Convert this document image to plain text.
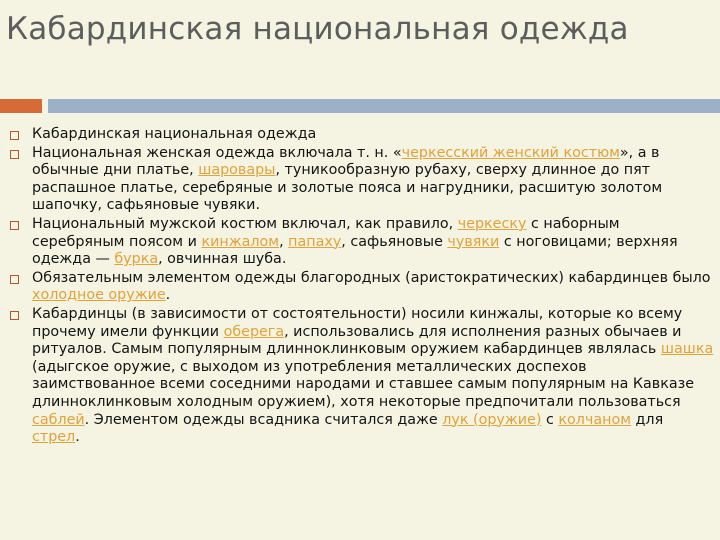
Кабардинская национальная одежда
Кабардинская национальная одежда
Национальная женская одежда включала т. н. «черкесский женский костюм», а в обычные дни платье, шаровары, туникообразную рубаху, сверху длинное до пят распашное платье, серебряные и золотые пояса и нагрудники, расшитую золотом шапочку, сафьяновые чувяки.
Национальный мужской костюм включал, как правило, черкеску с наборным серебряным поясом и кинжалом, папаху, сафьяновые чувяки с ноговицами; верхняя одежда — бурка, овчинная шуба.
Обязательным элементом одежды благородных (аристократических) кабардинцев было холодное оружие.
Кабардинцы (в зависимости от состоятельности) носили кинжалы, которые ко всему прочему имели функции оберега, использовались для исполнения разных обычаев и ритуалов. Самым популярным длинноклинковым оружием кабардинцев являлась шашка (адыгское оружие, с выходом из употребления металлических доспехов заимствованное всеми соседними народами и ставшее самым популярным на Кавказе длинноклинковым холодным оружием), хотя некоторые предпочитали пользоваться саблей. Элементом одежды всадника считался даже лук (оружие) с колчаном для стрел.
